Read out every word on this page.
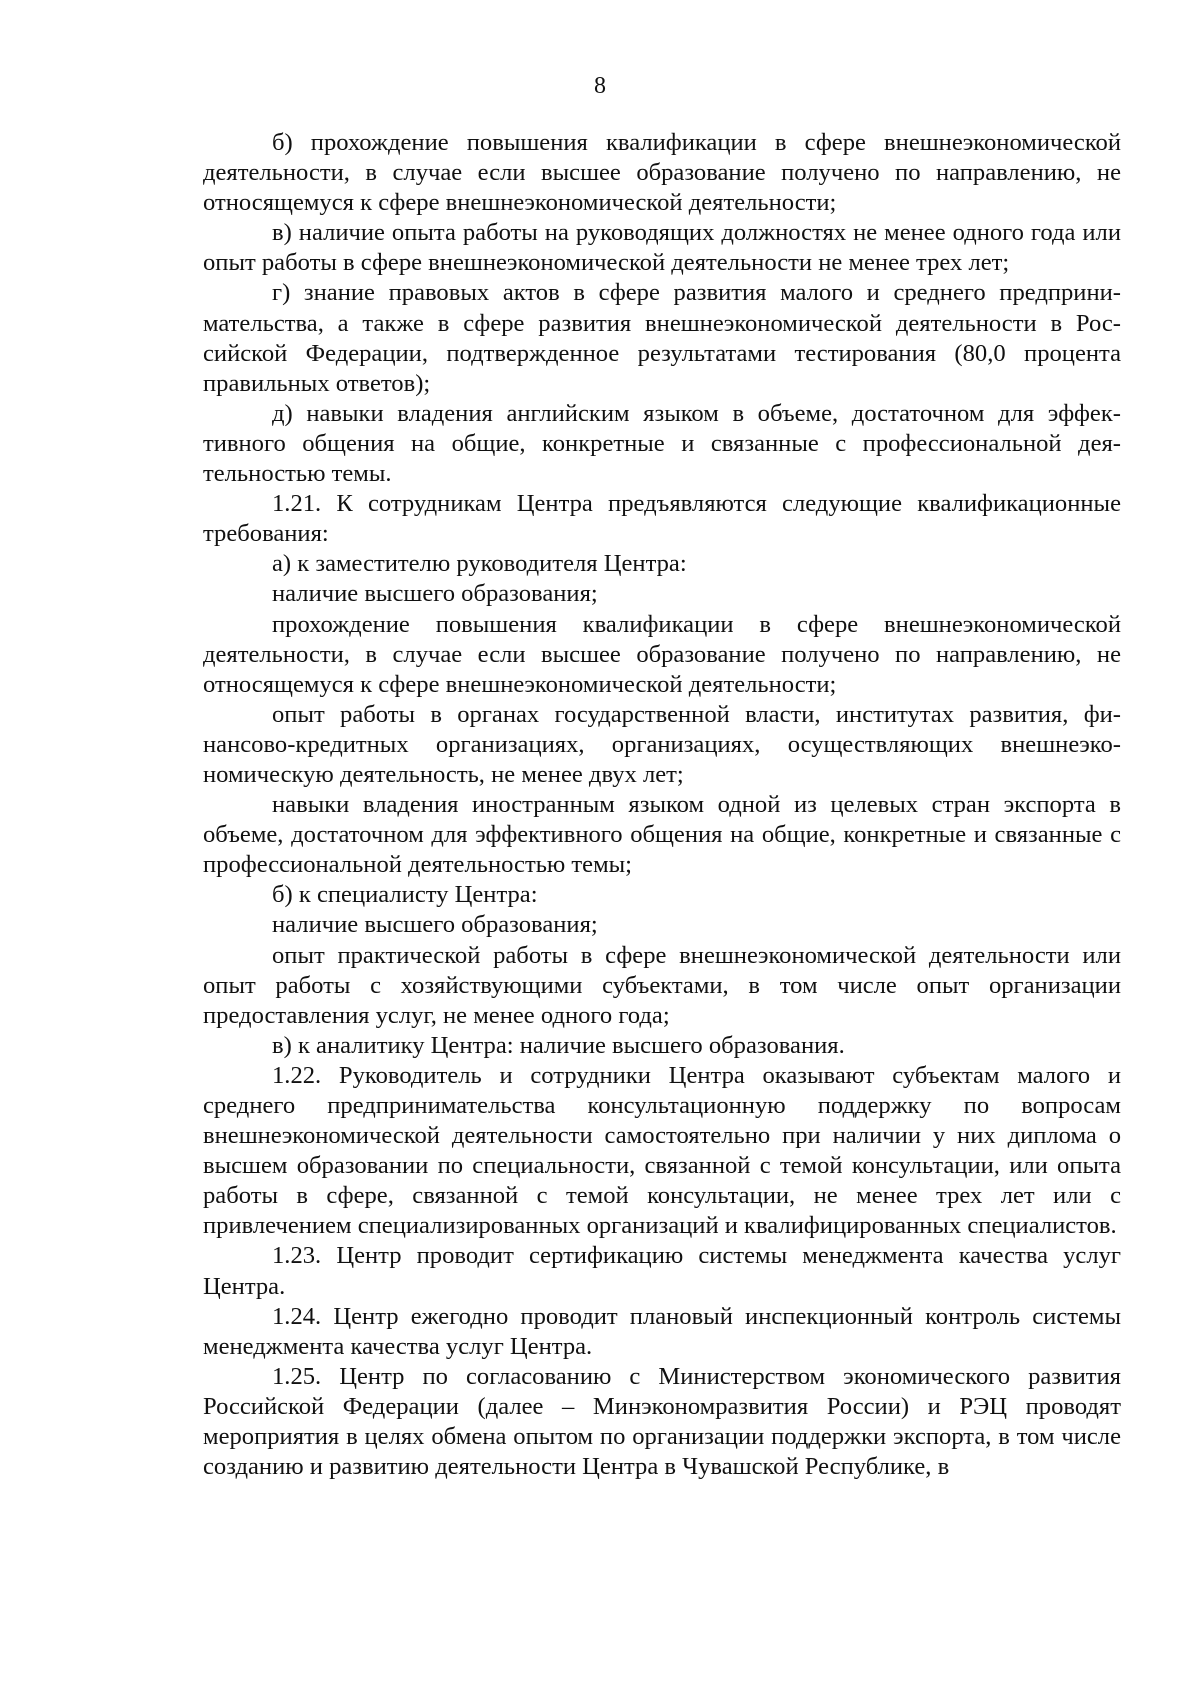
8

б) прохождение повышения квалификации в сфере внешнеэкономической деятельности, в случае если высшее образование получено по направлению, не относящемуся к сфере внешнеэкономической деятельности;

в) наличие опыта работы на руководящих должностях не менее одного года или опыт работы в сфере внешнеэкономической деятельности не менее трех лет;

г) знание правовых актов в сфере развития малого и среднего предпринимательства, а также в сфере развития внешнеэкономической деятельности в Российской Федерации, подтвержденное результатами тестирования (80,0 процента правильных ответов);

д) навыки владения английским языком в объеме, достаточном для эффективного общения на общие, конкретные и связанные с профессиональной деятельностью темы.

1.21. К сотрудникам Центра предъявляются следующие квалификационные требования:

а) к заместителю руководителя Центра:

наличие высшего образования;

прохождение повышения квалификации в сфере внешнеэкономической деятельности, в случае если высшее образование получено по направлению, не относящемуся к сфере внешнеэкономической деятельности;

опыт работы в органах государственной власти, институтах развития, финансово-кредитных организациях, организациях, осуществляющих внешнеэкономическую деятельность, не менее двух лет;

навыки владения иностранным языком одной из целевых стран экспорта в объеме, достаточном для эффективного общения на общие, конкретные и связанные с профессиональной деятельностью темы;

б) к специалисту Центра:

наличие высшего образования;

опыт практической работы в сфере внешнеэкономической деятельности или опыт работы с хозяйствующими субъектами, в том числе опыт организации предоставления услуг, не менее одного года;

в) к аналитику Центра: наличие высшего образования.

1.22. Руководитель и сотрудники Центра оказывают субъектам малого и среднего предпринимательства консультационную поддержку по вопросам внешнеэкономической деятельности самостоятельно при наличии у них диплома о высшем образовании по специальности, связанной с темой консультации, или опыта работы в сфере, связанной с темой консультации, не менее трех лет или с привлечением специализированных организаций и квалифицированных специалистов.

1.23. Центр проводит сертификацию системы менеджмента качества услуг Центра.

1.24. Центр ежегодно проводит плановый инспекционный контроль системы менеджмента качества услуг Центра.

1.25. Центр по согласованию с Министерством экономического развития Российской Федерации (далее – Минэкономразвития России) и РЭЦ проводят мероприятия в целях обмена опытом по организации поддержки экспорта, в том числе созданию и развитию деятельности Центра в Чувашской Республике, в
